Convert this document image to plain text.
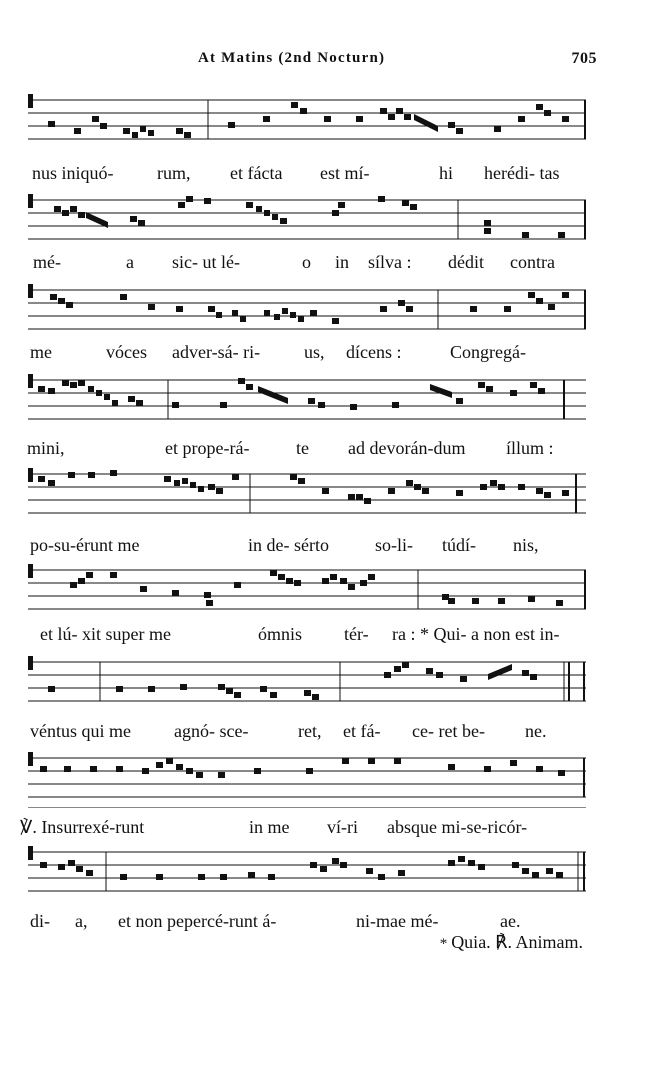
At Matins (2nd Nocturn)	705
nus iniquó- rum, et fácta est mí-	hi herédi- tas
mé-	a sic- ut lé-	o in sílva : dédit contra
me	vóces adver-sá- ri- us, dícens :	Congregá-
mini,	et prope-rá-	te ad devorán-dum íllum :
po-su-érunt me	in de- sérto	so-li- túdí- nis,
et lú- xit super me	ómnis tér- ra : * Qui- a non est in-
véntus qui me agnó- sce-	ret, et fá- ce- ret be- ne.
℣. Insurrexé-runt	in me ví-ri absque mi-se-ricór-
di- a, et non pepercé-runt á-	ni-mae mé-	ae.
* Quia. ℟. Animam.
